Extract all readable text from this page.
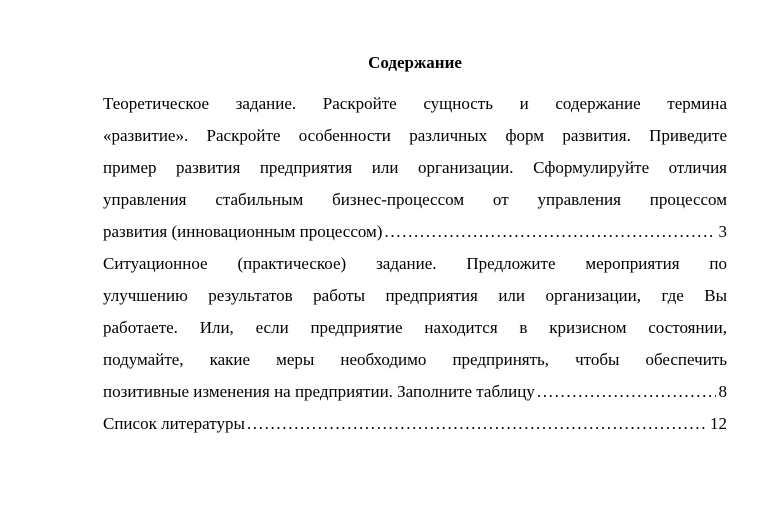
Содержание
Теоретическое задание. Раскройте сущность и содержание термина
«развитие». Раскройте особенности различных форм развития. Приведите
пример развития предприятия или организации. Сформулируйте отличия
управления стабильным бизнес-процессом от управления процессом
развития (инновационным процессом) . . .	3
Ситуационное (практическое) задание. Предложите мероприятия по
улучшению результатов работы предприятия или организации, где Вы
работаете. Или, если предприятие находится в кризисном состоянии,
подумайте, какие меры необходимо предпринять, чтобы обеспечить
позитивные изменения на предприятии. Заполните таблицу . . .	8
Список литературы . . .	12
